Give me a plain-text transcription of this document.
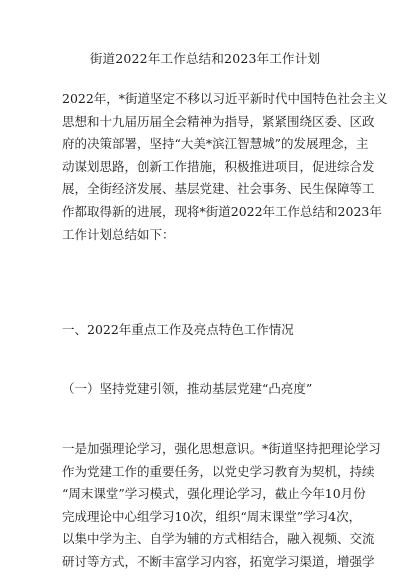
街道2022年工作总结和2023年工作计划
2022年，*街道坚定不移以习近平新时代中国特色社会主义
思想和十九届历届全会精神为指导，紧紧围绕区委、区政
府的决策部署，坚持“大美*滨江智慧城”的发展理念，主
动谋划思路，创新工作措施，积极推进项目，促进综合发
展，全街经济发展、基层党建、社会事务、民生保障等工
作都取得新的进展，现将*街道2022年工作总结和2023年
工作计划总结如下：
一、2022年重点工作及亮点特色工作情况
（一）坚持党建引领，推动基层党建“凸亮度”
一是加强理论学习，强化思想意识。*街道坚持把理论学习
作为党建工作的重要任务，以党史学习教育为契机，持续
“周末课堂”学习模式，强化理论学习，截止今年10月份
完成理论中心组学习10次，组织“周末课堂”学习4次，
以集中学为主、自学为辅的方式相结合，融入视频、交流
研讨等方式，不断丰富学习内容，拓宽学习渠道，增强学
